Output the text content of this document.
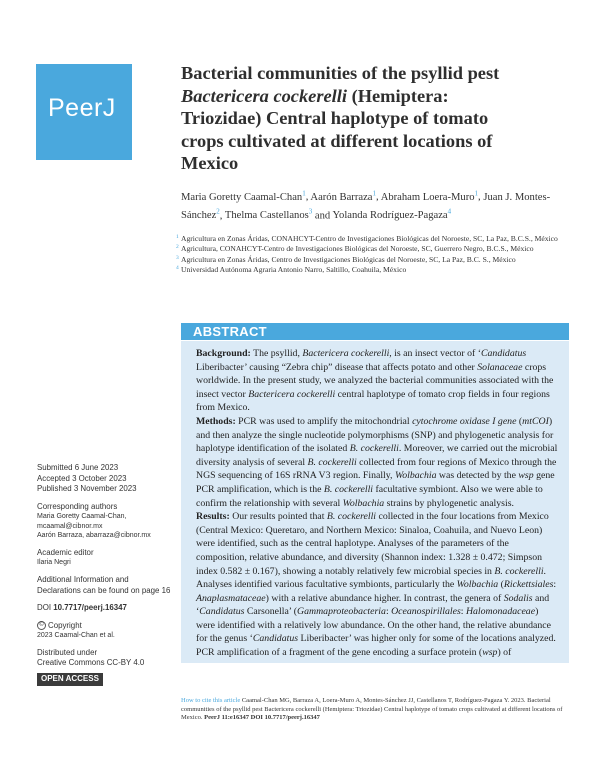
PeerJ
Bacterial communities of the psyllid pest
Bactericera cockerelli (Hemiptera:
Triozidae) Central haplotype of tomato
crops cultivated at different locations of
Mexico
Maria Goretty Caamal-Chan$^1$, Aarón Barraza$^1$, Abraham Loera-Muro$^1$, Juan J. Montes-Sánchez$^2$, Thelma Castellanos$^3$ and Yolanda Rodríguez-Pagaza$^4$

1 Agricultura en Zonas Áridas, CONAHCYT-Centro de Investigaciones Biológicas del Noroeste, SC, La Paz, B.C.S., México

2 Agricultura, CONAHCYT-Centro de Investigaciones Biológicas del Noroeste, SC, Guerrero Negro, B.C.S., México

3 Agricultura en Zonas Áridas, Centro de Investigaciones Biológicas del Noroeste, SC, La Paz, B.C. S., México

4 Universidad Autónoma Agraria Antonio Narro, Saltillo, Coahuila, México

ABSTRACT

Background: The psyllid, Bactericera cockerelli, is an insect vector of ‘Candidatus Liberibacter’ causing “Zebra chip” disease that affects potato and other Solanaceae crops worldwide. In the present study, we analyzed the bacterial communities associated with the insect vector Bactericera cockerelli central haplotype of tomato crop fields in four regions from Mexico.

Methods: PCR was used to amplify the mitochondrial cytochrome oxidase I gene (mtCOI) and then analyze the single nucleotide polymorphisms (SNP) and phylogenetic analysis for haplotype identification of the isolated B. cockerelli. Moreover, we carried out the microbial diversity analysis of several B. cockerelli collected from four regions of Mexico through the NGS sequencing of 16S rRNA V3 region. Finally, Wolbachia was detected by the wsp gene PCR amplification, which is the B. cockerelli facultative symbiont. Also we were able to confirm the relationship with several Wolbachia strains by phylogenetic analysis.

Results: Our results pointed that B. cockerelli collected in the four locations from Mexico (Central Mexico: Queretaro, and Northern Mexico: Sinaloa, Coahuila, and Nuevo Leon) were identified, such as the central haplotype. Analyses of the parameters of the composition, relative abundance, and diversity (Shannon index: 1.328 ± 0.472; Simpson index 0.582 ± 0.167), showing a notably relatively few microbial species in B. cockerelli. Analyses identified various facultative symbionts, particularly the Wolbachia (Rickettsiales: Anaplasmataceae) with a relative abundance higher. In contrast, the genera of Sodalis and ‘Candidatus Carsonella’ (Gammaproteobacteria: Oceanospirillales: Halomonadaceae) were identified with a relatively low abundance. On the other hand, the relative abundance for the genus ‘Candidatus Liberibacter’ was higher only for some of the locations analyzed. PCR amplification of a fragment of the gene encoding a surface protein (wsp) of

Submitted 6 June 2023
Accepted 3 October 2023
Published 3 November 2023
Corresponding authors
Maria Goretty Caamal-Chan,
mcaamal@cibnor.mx
Aarón Barraza, abarraza@cibnor.mx
Academic editor
Ilaria Negri
Additional Information and Declarations can be found on page 16
DOI 10.7717/peerj.16347
© Copyright
2023 Caamal-Chan et al.
Distributed under
Creative Commons CC-BY 4.0
OPEN ACCESS
How to cite this article Caamal-Chan MG, Barraza A, Loera-Muro A, Montes-Sánchez JJ, Castellanos T, Rodríguez-Pagaza Y. 2023. Bacterial communities of the psyllid pest Bactericera cockerelli (Hemiptera: Triozidae) Central haplotype of tomato crops cultivated at different locations of Mexico. PeerJ 11:e16347 DOI 10.7717/peerj.16347
